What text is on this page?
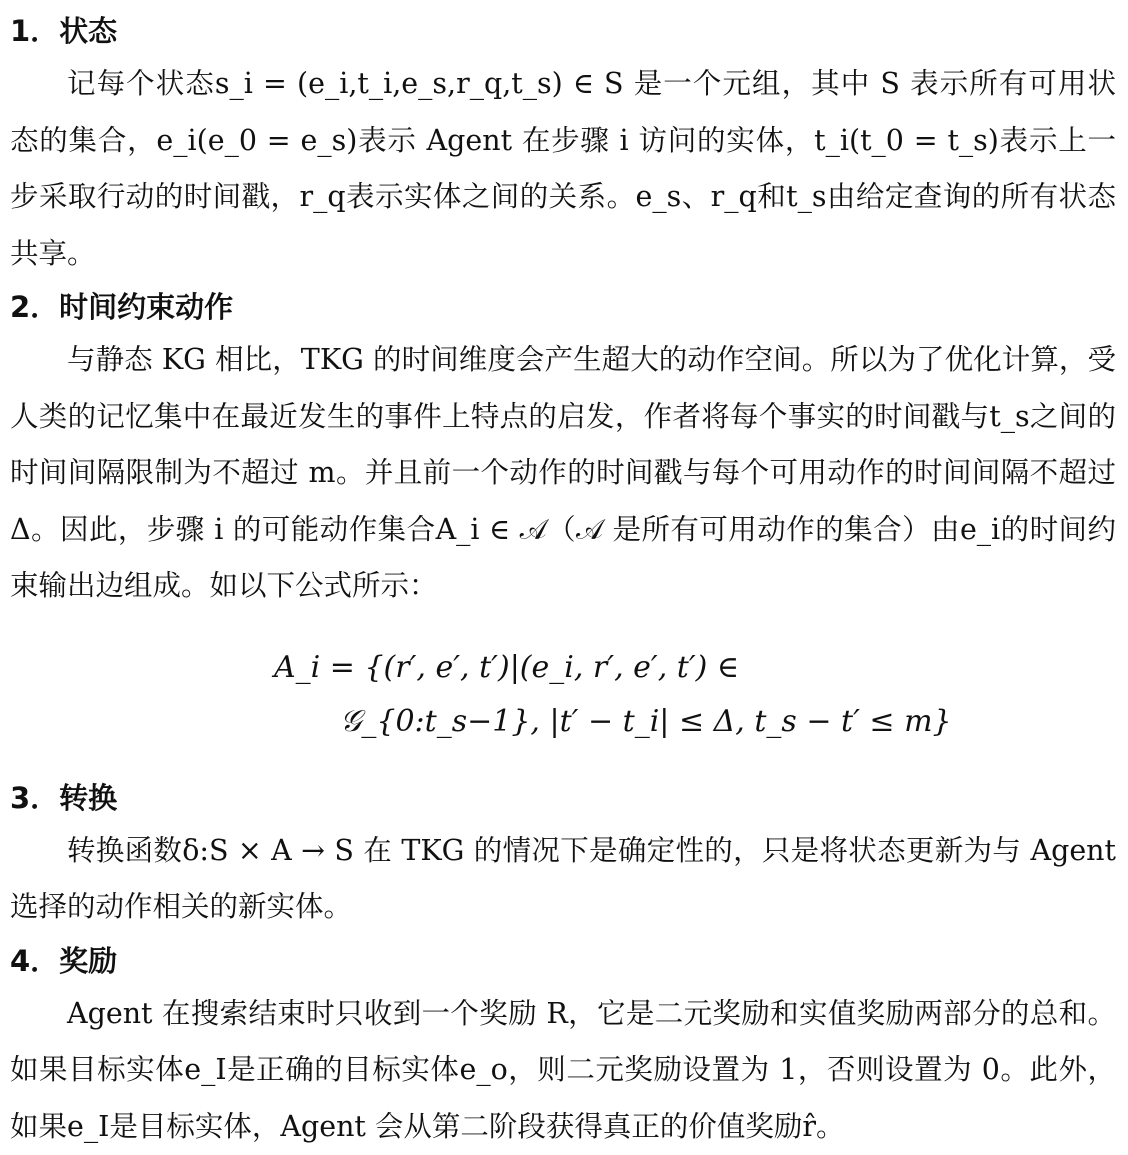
1．状态

记每个状态s_i = (e_i,t_i,e_s,r_q,t_s) ∈ S 是一个元组，其中 S 表示所有可用状态的集合，e_i(e_0 = e_s)表示 Agent 在步骤 i 访问的实体，t_i(t_0 = t_s)表示上一步采取行动的时间戳，r_q表示实体之间的关系。e_s、r_q和t_s由给定查询的所有状态共享。

2．时间约束动作

与静态 KG 相比，TKG 的时间维度会产生超大的动作空间。所以为了优化计算，受人类的记忆集中在最近发生的事件上特点的启发，作者将每个事实的时间戳与t_s之间的时间间隔限制为不超过 m。并且前一个动作的时间戳与每个可用动作的时间间隔不超过Δ。因此，步骤 i 的可能动作集合A_i ∈ 𝒜（𝒜 是所有可用动作的集合）由e_i的时间约束输出边组成。如以下公式所示：

A_i = {(r′, e′, t′)|(e_i, r′, e′, t′) ∈
𝒢_{0:t_s−1}, |t′ − t_i| ≤ Δ, t_s − t′ ≤ m}
3．转换

转换函数δ:S × A → S 在 TKG 的情况下是确定性的，只是将状态更新为与 Agent 选择的动作相关的新实体。

4．奖励

Agent 在搜索结束时只收到一个奖励 R，它是二元奖励和实值奖励两部分的总和。如果目标实体e_I是正确的目标实体e_o，则二元奖励设置为 1，否则设置为 0。此外，如果e_I是目标实体，Agent 会从第二阶段获得真正的价值奖励r̂。
